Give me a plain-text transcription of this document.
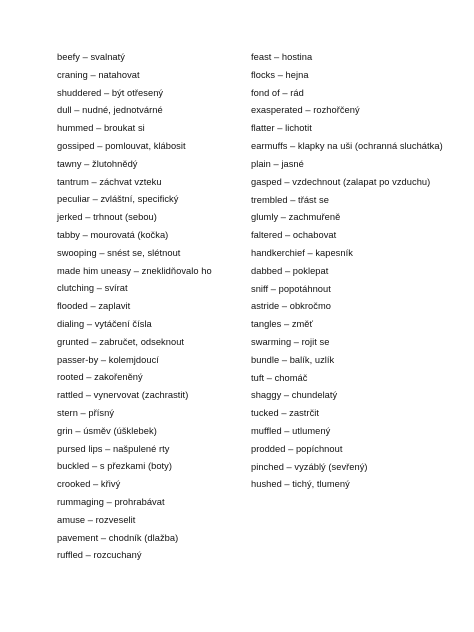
beefy – svalnatý
craning – natahovat
shuddered – být otřesený
dull – nudné, jednotvárné
hummed – broukat si
gossiped – pomlouvat, klábosit
tawny – žlutohnědý
tantrum – záchvat vzteku
peculiar – zvláštní, specifický
jerked – trhnout (sebou)
tabby – mourovatá (kočka)
swooping – snést se, slétnout
made him uneasy – zneklidňovalo ho
clutching – svírat
flooded – zaplavit
dialing – vytáčení čísla
grunted – zabručet, odseknout
passer-by – kolemjdoucí
rooted – zakořeněný
rattled – vynervovat (zachrastit)
stern – přísný
grin – úsměv (úšklebek)
pursed lips – našpulené rty
buckled – s přezkami (boty)
crooked – křivý
rummaging – prohrabávat
amuse – rozveselit
pavement – chodník (dlažba)
ruffled – rozcuchaný
feast – hostina
flocks – hejna
fond of – rád
exasperated – rozhořčený
flatter – lichotit
earmuffs – klapky na uši (ochranná sluchátka)
plain – jasné
gasped – vzdechnout (zalapat po vzduchu)
trembled – třást se
glumly – zachmuřeně
faltered – ochabovat
handkerchief – kapesník
dabbed – poklepat
sniff – popotáhnout
astride – obkročmo
tangles – změť
swarming – rojit se
bundle – balík, uzlík
tuft – chomáč
shaggy – chundelatý
tucked – zastrčit
muffled – utlumený
prodded – popíchnout
pinched – vyzáblý (sevřený)
hushed – tichý, tlumený
